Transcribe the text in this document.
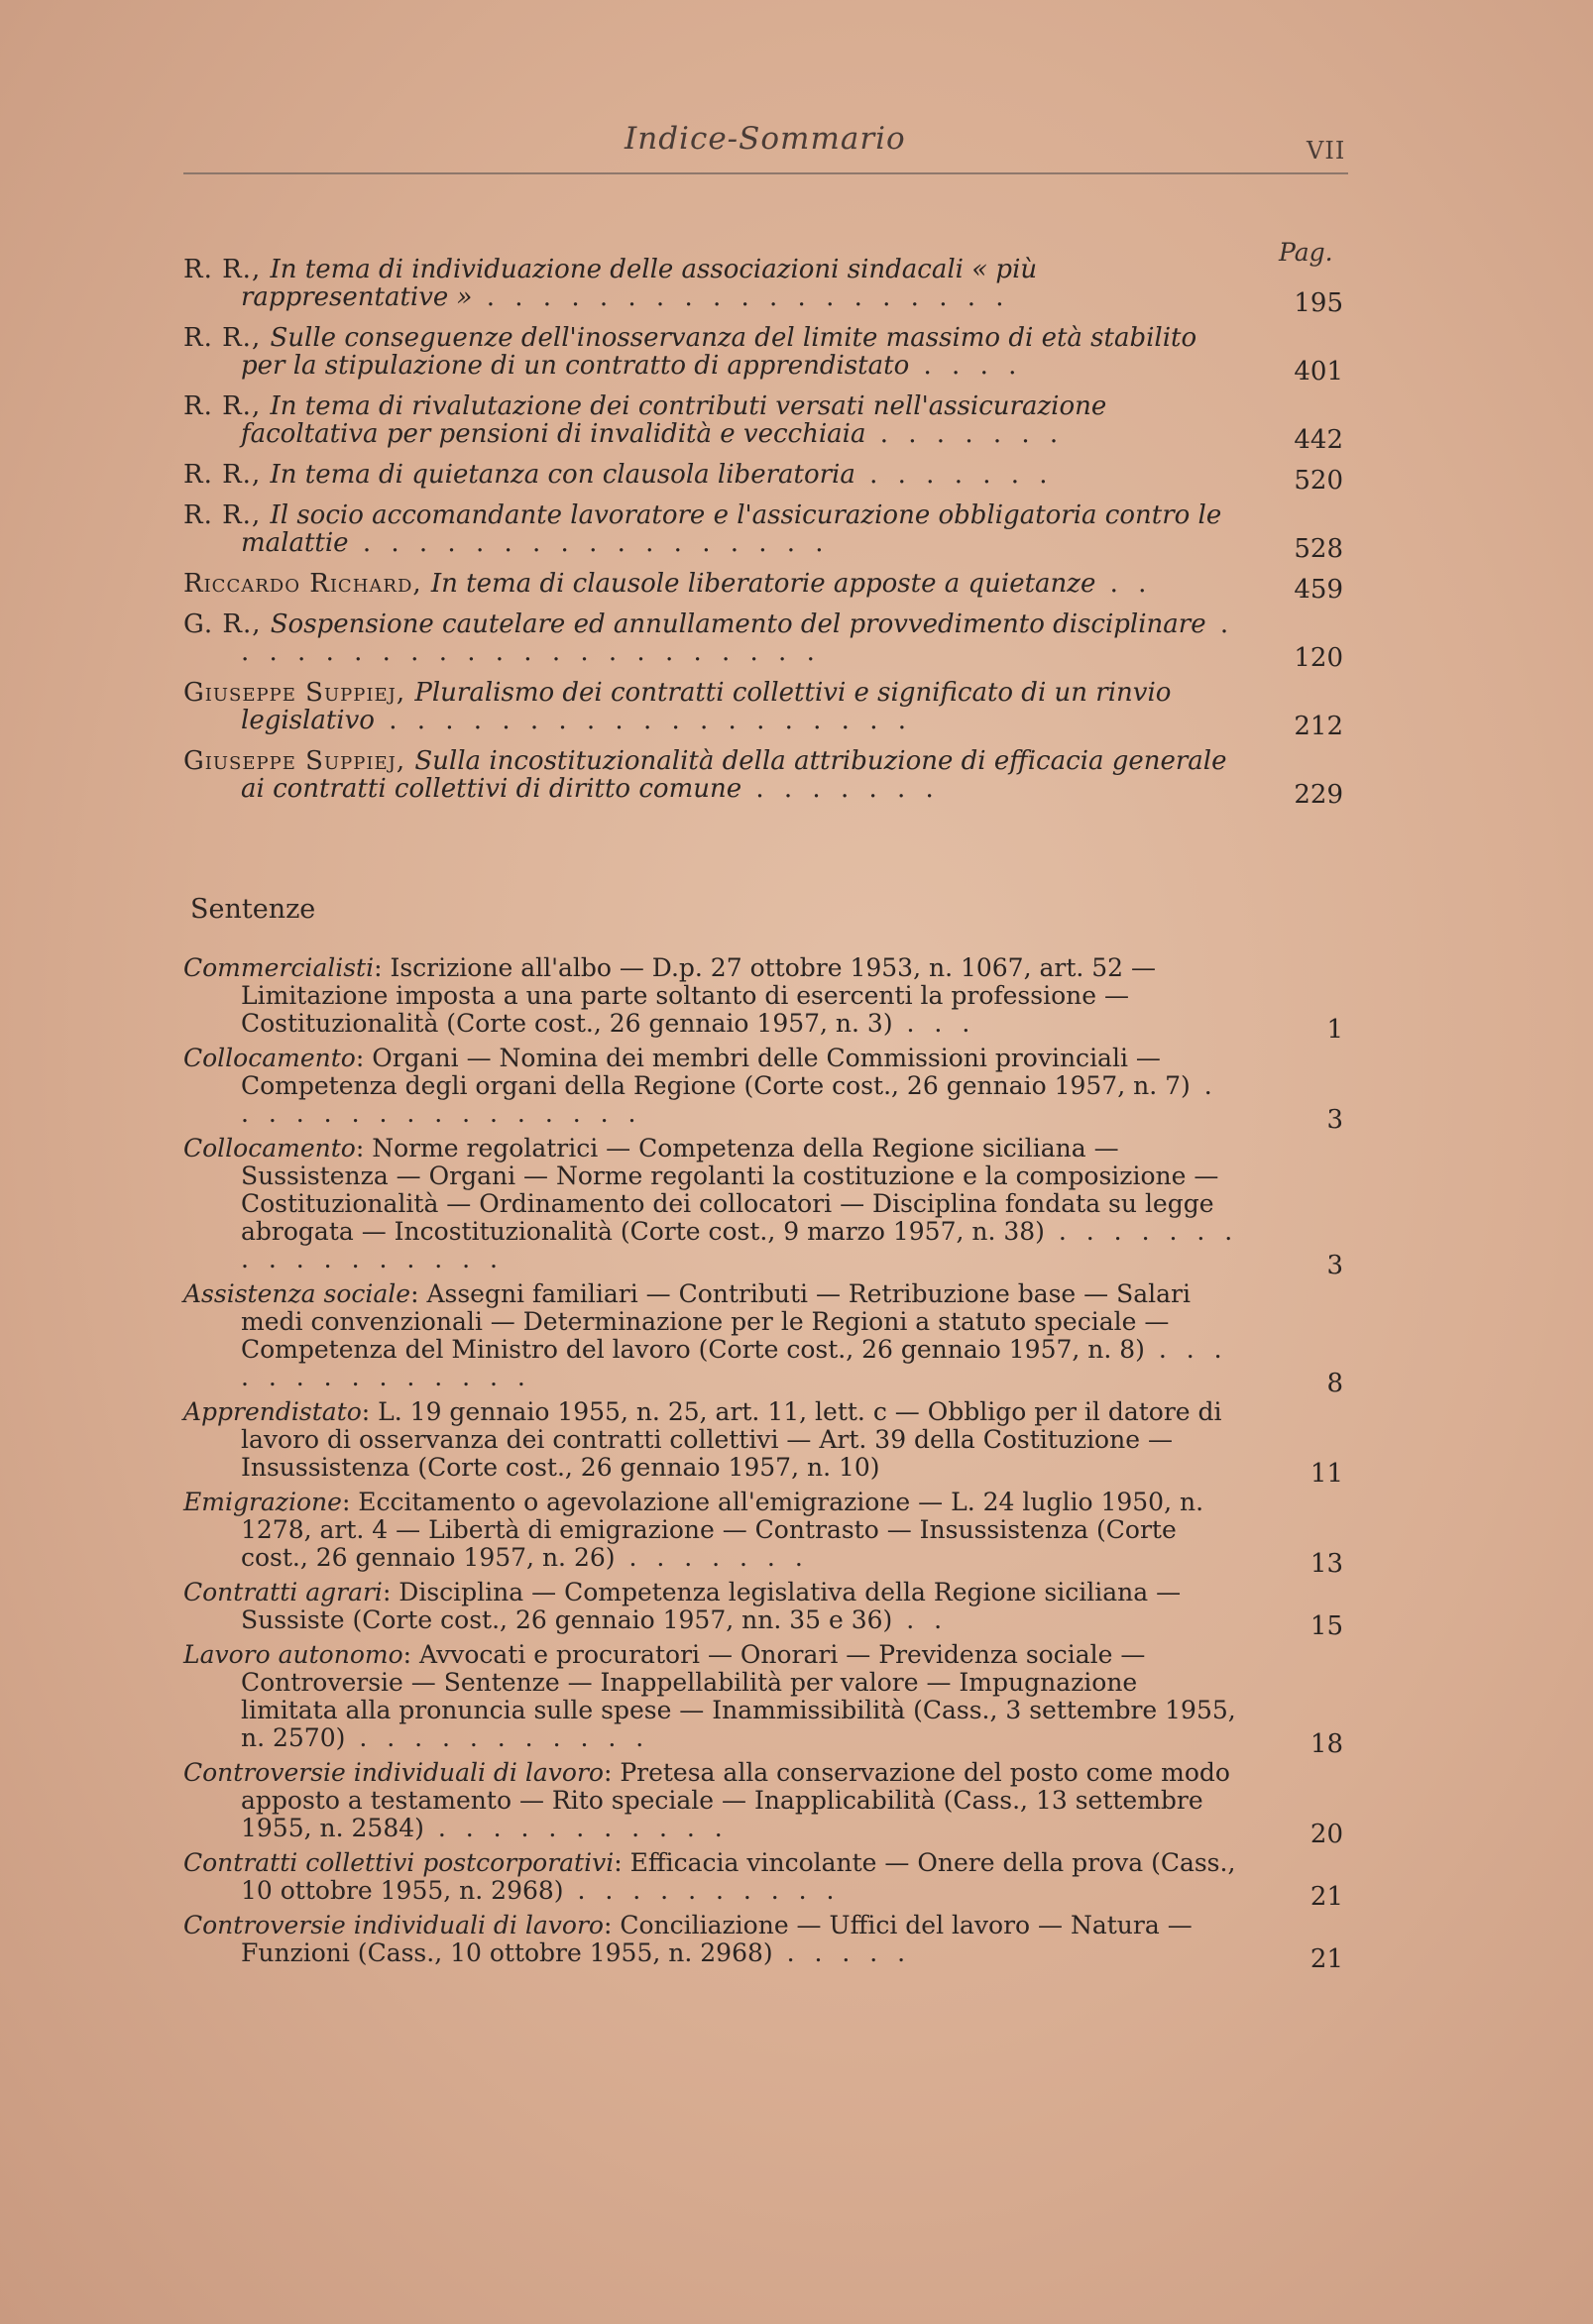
Indice-Sommario	VII
Pag.
R. R., In tema di individuazione delle associazioni sindacali « più rappresentative » . . . . . . . . . . . . . . . . . . .	195
R. R., Sulle conseguenze dell'inosservanza del limite massimo di età stabilito per la stipulazione di un contratto di apprendistato . . . .	401
R. R., In tema di rivalutazione dei contributi versati nell'assicurazione facoltativa per pensioni di invalidità e vecchiaia . . . . . . .	442
R. R., In tema di quietanza con clausola liberatoria . . . . . . .	520
R. R., Il socio accomandante lavoratore e l'assicurazione obbligatoria contro le malattie . . . . . . . . . . . . . . . . .	528
Riccardo Richard, In tema di clausole liberatorie apposte a quietanze . .	459
G. R., Sospensione cautelare ed annullamento del provvedimento disciplinare . . . . . . . . . . . . . . . . . . . . . .	120
Giuseppe Suppiej, Pluralismo dei contratti collettivi e significato di un rinvio legislativo . . . . . . . . . . . . . . . . . . .	212
Giuseppe Suppiej, Sulla incostituzionalità della attribuzione di efficacia generale ai contratti collettivi di diritto comune . . . . . . .	229
Sentenze
Commercialisti: Iscrizione all'albo — D.p. 27 ottobre 1953, n. 1067, art. 52 — Limitazione imposta a una parte soltanto di esercenti la professione — Costituzionalità (Corte cost., 26 gennaio 1957, n. 3) . . .	1
Collocamento: Organi — Nomina dei membri delle Commissioni provinciali — Competenza degli organi della Regione (Corte cost., 26 gennaio 1957, n. 7) . . . . . . . . . . . . . . . .	3
Collocamento: Norme regolatrici — Competenza della Regione siciliana — Sussistenza — Organi — Norme regolanti la costituzione e la composizione — Costituzionalità — Ordinamento dei collocatori — Disciplina fondata su legge abrogata — Incostituzionalità (Corte cost., 9 marzo 1957, n. 38) . . . . . . . . . . . . . . . . .	3
Assistenza sociale: Assegni familiari — Contributi — Retribuzione base — Salari medi convenzionali — Determinazione per le Regioni a statuto speciale — Competenza del Ministro del lavoro (Corte cost., 26 gennaio 1957, n. 8) . . . . . . . . . . . . . .	8
Apprendistato: L. 19 gennaio 1955, n. 25, art. 11, lett. c — Obbligo per il datore di lavoro di osservanza dei contratti collettivi — Art. 39 della Costituzione — Insussistenza (Corte cost., 26 gennaio 1957, n. 10)	11
Emigrazione: Eccitamento o agevolazione all'emigrazione — L. 24 luglio 1950, n. 1278, art. 4 — Libertà di emigrazione — Contrasto — Insussistenza (Corte cost., 26 gennaio 1957, n. 26) . . . . . . .	13
Contratti agrari: Disciplina — Competenza legislativa della Regione siciliana — Sussiste (Corte cost., 26 gennaio 1957, nn. 35 e 36) . .	15
Lavoro autonomo: Avvocati e procuratori — Onorari — Previdenza sociale — Controversie — Sentenze — Inappellabilità per valore — Impugnazione limitata alla pronuncia sulle spese — Inammissibilità (Cass., 3 settembre 1955, n. 2570) . . . . . . . . . . .	18
Controversie individuali di lavoro: Pretesa alla conservazione del posto come modo apposto a testamento — Rito speciale — Inapplicabilità (Cass., 13 settembre 1955, n. 2584) . . . . . . . . . . .	20
Contratti collettivi postcorporativi: Efficacia vincolante — Onere della prova (Cass., 10 ottobre 1955, n. 2968) . . . . . . . . . .	21
Controversie individuali di lavoro: Conciliazione — Uffici del lavoro — Natura — Funzioni (Cass., 10 ottobre 1955, n. 2968) . . . . .	21
